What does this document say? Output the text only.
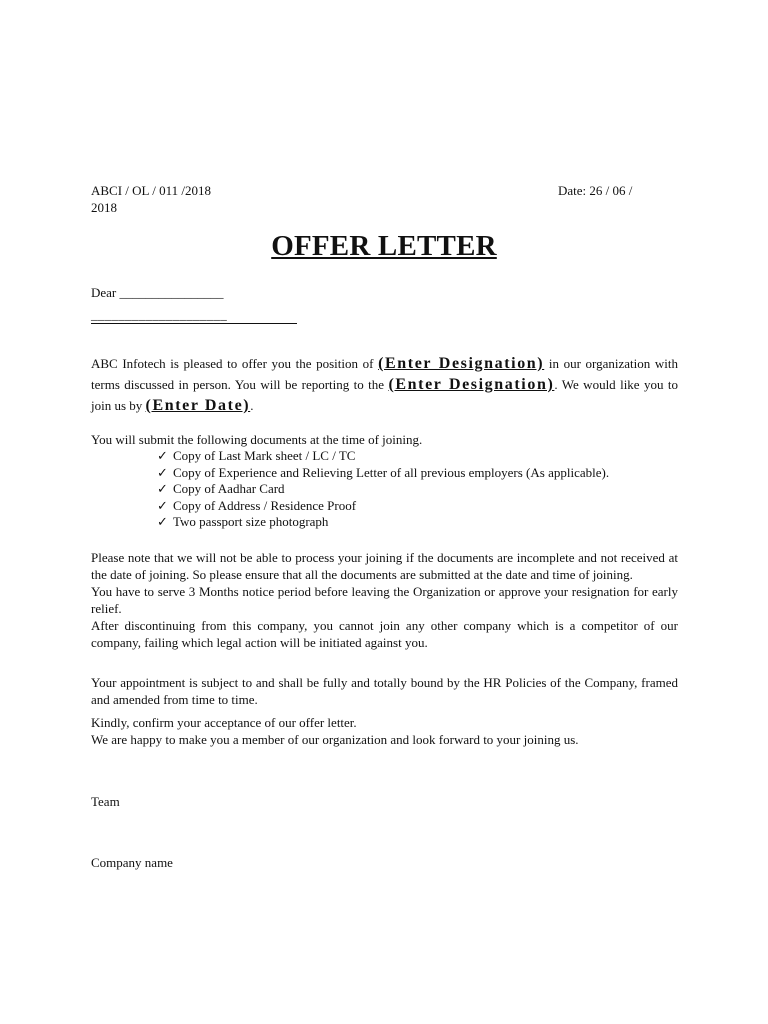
ABCI / OL / 011 /2018	Date: 26 / 06 /
2018
OFFER LETTER
Dear ________________
____________________
ABC Infotech is pleased to offer you the position of (Enter Designation) in our organization with terms discussed in person. You will be reporting to the (Enter Designation). We would like you to join us by (Enter Date).
You will submit the following documents at the time of joining.
✓ Copy of Last Mark sheet / LC / TC
✓ Copy of Experience and Relieving Letter of all previous employers (As applicable).
✓ Copy of Aadhar Card
✓ Copy of Address / Residence Proof
✓ Two passport size photograph
Please note that we will not be able to process your joining if the documents are incomplete and not received at the date of joining. So please ensure that all the documents are submitted at the date and time of joining.
You have to serve 3 Months notice period before leaving the Organization or approve your resignation for early relief.
After discontinuing from this company, you cannot join any other company which is a competitor of our company, failing which legal action will be initiated against you.
Your appointment is subject to and shall be fully and totally bound by the HR Policies of the Company, framed and amended from time to time.
Kindly, confirm your acceptance of our offer letter.
We are happy to make you a member of our organization and look forward to your joining us.
Team
Company name
